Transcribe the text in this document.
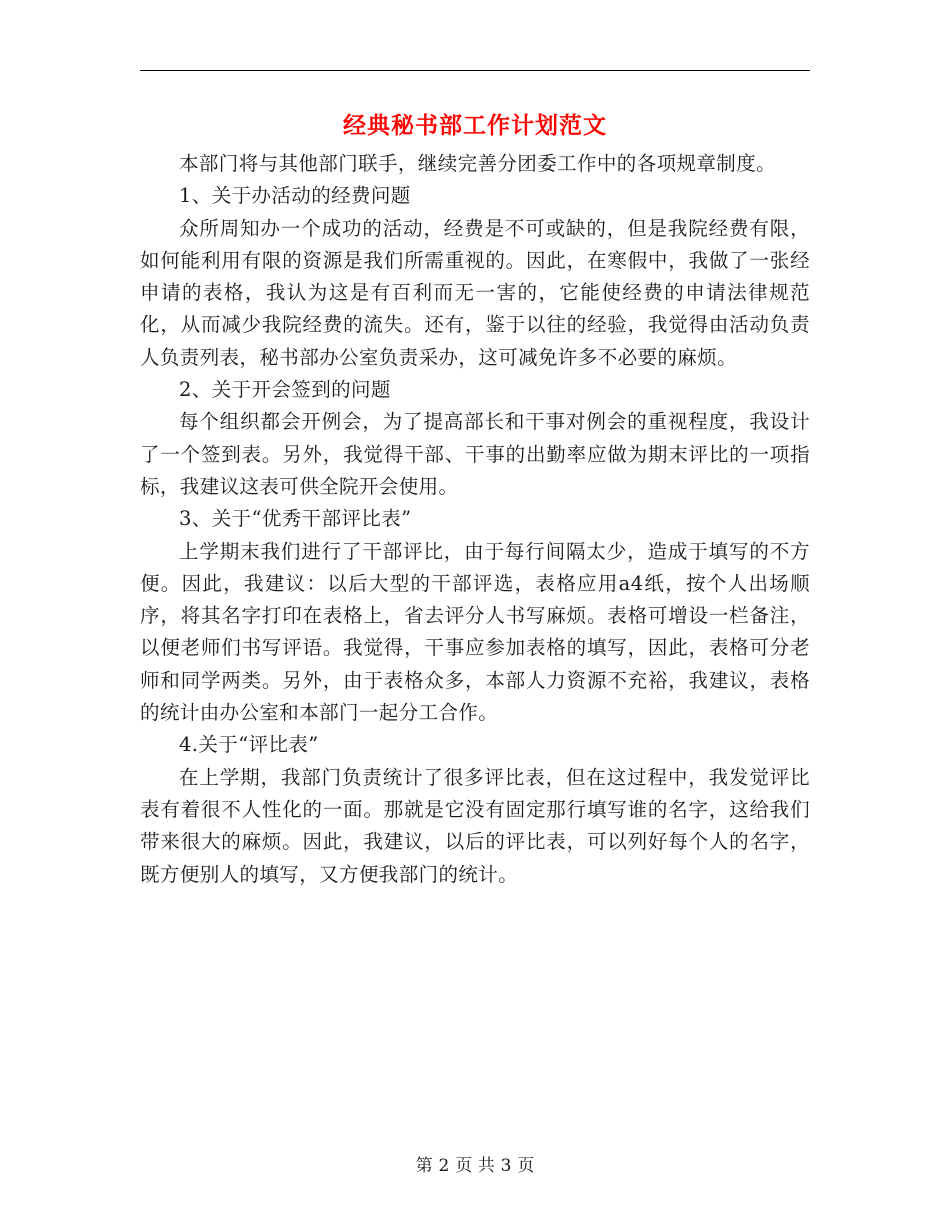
经典秘书部工作计划范文

本部门将与其他部门联手，继续完善分团委工作中的各项规章制度。

1、关于办活动的经费问题

众所周知办一个成功的活动，经费是不可或缺的，但是我院经费有限，如何能利用有限的资源是我们所需重视的。因此，在寒假中，我做了一张经申请的表格，我认为这是有百利而无一害的，它能使经费的申请法律规范化，从而减少我院经费的流失。还有，鉴于以往的经验，我觉得由活动负责人负责列表，秘书部办公室负责采办，这可减免许多不必要的麻烦。

2、关于开会签到的问题

每个组织都会开例会，为了提高部长和干事对例会的重视程度，我设计了一个签到表。另外，我觉得干部、干事的出勤率应做为期末评比的一项指标，我建议这表可供全院开会使用。

3、关于“优秀干部评比表”

上学期末我们进行了干部评比，由于每行间隔太少，造成于填写的不方便。因此，我建议：以后大型的干部评选，表格应用a4纸，按个人出场顺序，将其名字打印在表格上，省去评分人书写麻烦。表格可增设一栏备注，以便老师们书写评语。我觉得，干事应参加表格的填写，因此，表格可分老师和同学两类。另外，由于表格众多，本部人力资源不充裕，我建议，表格的统计由办公室和本部门一起分工合作。

4.关于“评比表”

在上学期，我部门负责统计了很多评比表，但在这过程中，我发觉评比表有着很不人性化的一面。那就是它没有固定那行填写谁的名字，这给我们带来很大的麻烦。因此，我建议，以后的评比表，可以列好每个人的名字，既方便别人的填写，又方便我部门的统计。

第 2 页 共 3 页
